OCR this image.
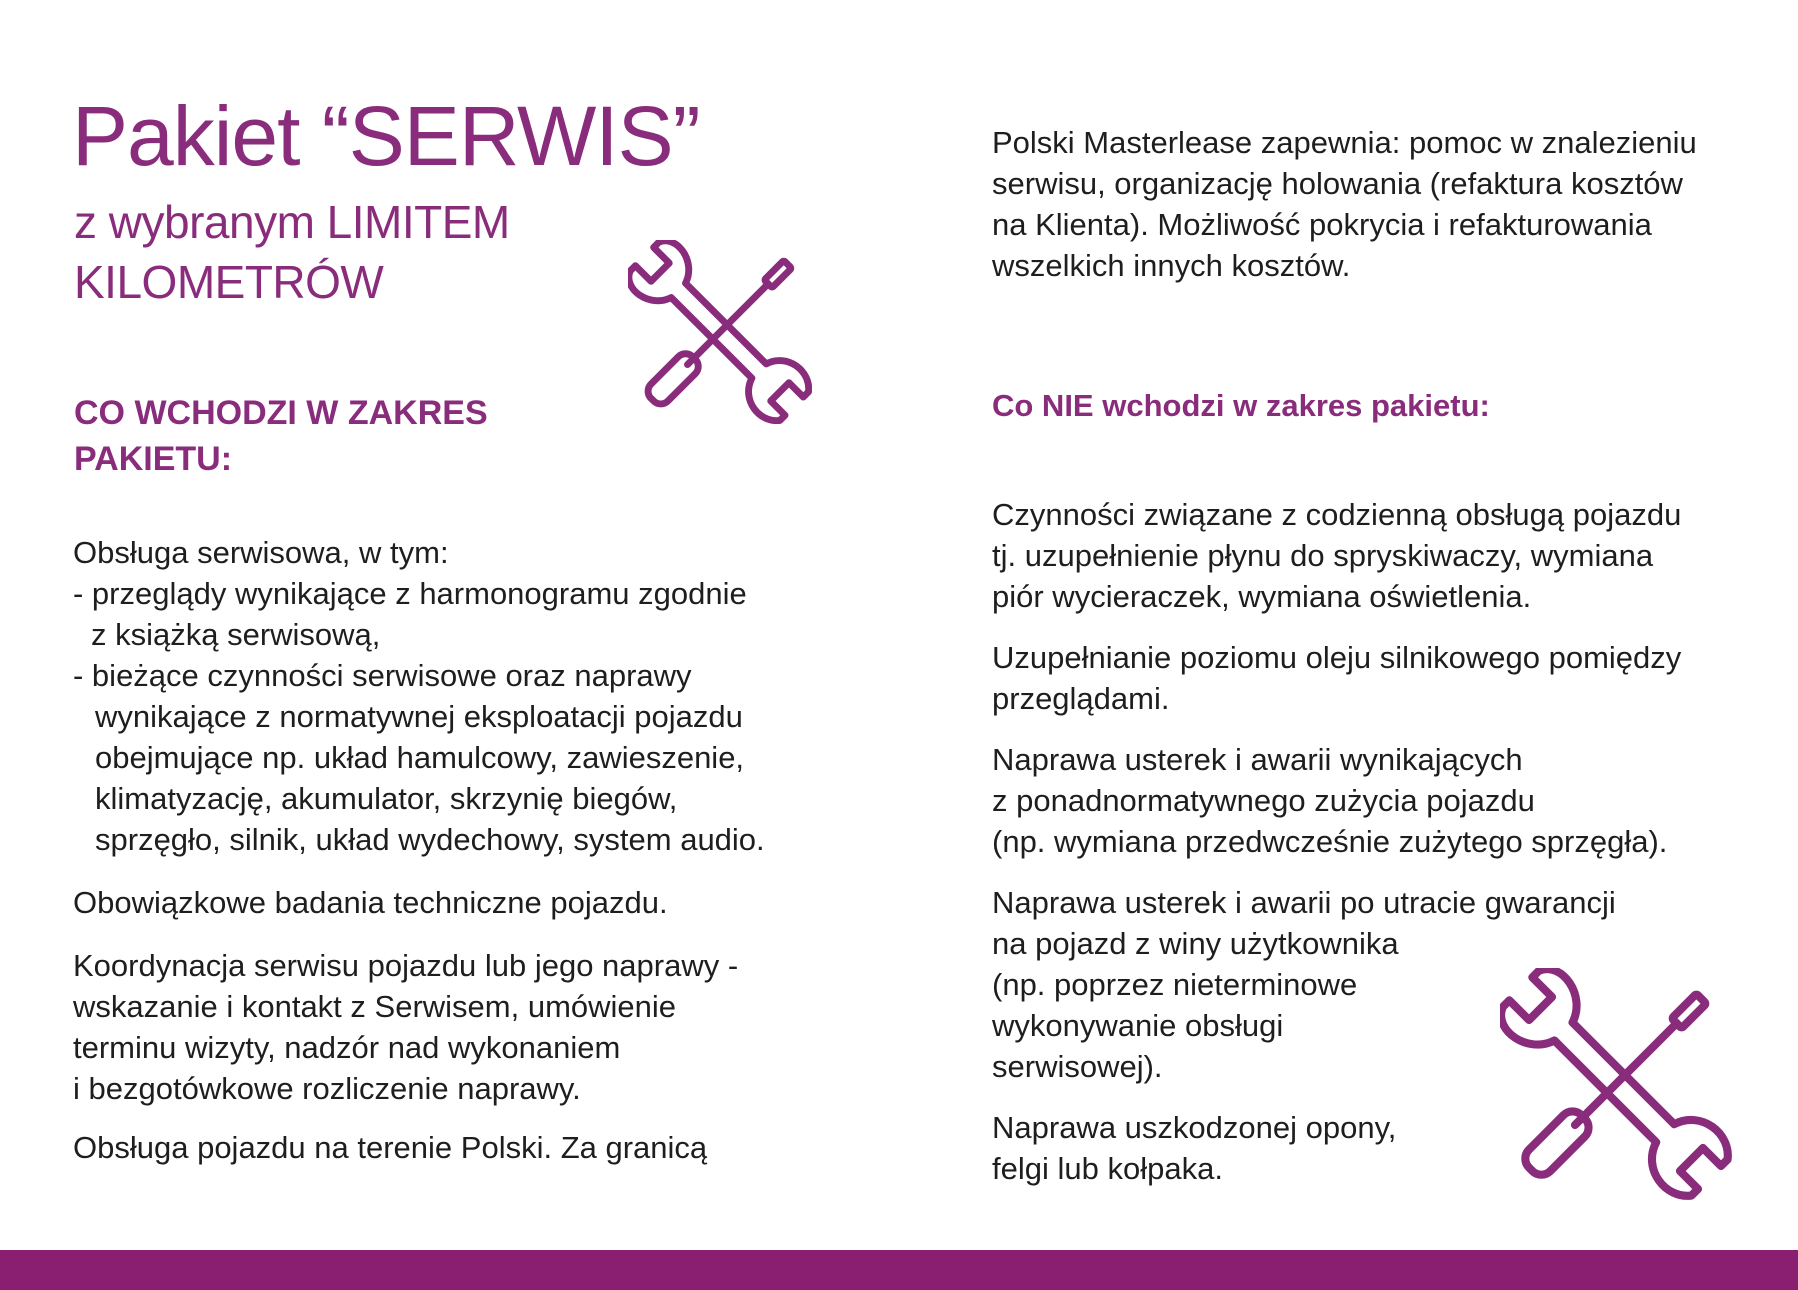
Pakiet “SERWIS”
z wybranym LIMITEM
KILOMETRÓW
CO WCHODZI W ZAKRES
PAKIETU:

Obsługa serwisowa, w tym:

- przeglądy wynikające z harmonogramu zgodnie
z książką serwisową,

- bieżące czynności serwisowe oraz naprawy
wynikające z normatywnej eksploatacji pojazdu
obejmujące np. układ hamulcowy, zawieszenie,
klimatyzację, akumulator, skrzynię biegów,
sprzęgło, silnik, układ wydechowy, system audio.

Obowiązkowe badania techniczne pojazdu.

Koordynacja serwisu pojazdu lub jego naprawy -
wskazanie i kontakt z Serwisem, umówienie
terminu wizyty, nadzór nad wykonaniem
i bezgotówkowe rozliczenie naprawy.

Obsługa pojazdu na terenie Polski. Za granicą

Polski Masterlease zapewnia: pomoc w znalezieniu
serwisu, organizację holowania (refaktura kosztów
na Klienta). Możliwość pokrycia i refakturowania
wszelkich innych kosztów.
Co NIE wchodzi w zakres pakietu:

Czynności związane z codzienną obsługą pojazdu
tj. uzupełnienie płynu do spryskiwaczy, wymiana
piór wycieraczek, wymiana oświetlenia.

Uzupełnianie poziomu oleju silnikowego pomiędzy
przeglądami.

Naprawa usterek i awarii wynikających
z ponadnormatywnego zużycia pojazdu
(np. wymiana przedwcześnie zużytego sprzęgła).

Naprawa usterek i awarii po utracie gwarancji
na pojazd z winy użytkownika
(np. poprzez nieterminowe
wykonywanie obsługi
serwisowej).

Naprawa uszkodzonej opony,
felgi lub kołpaka.
